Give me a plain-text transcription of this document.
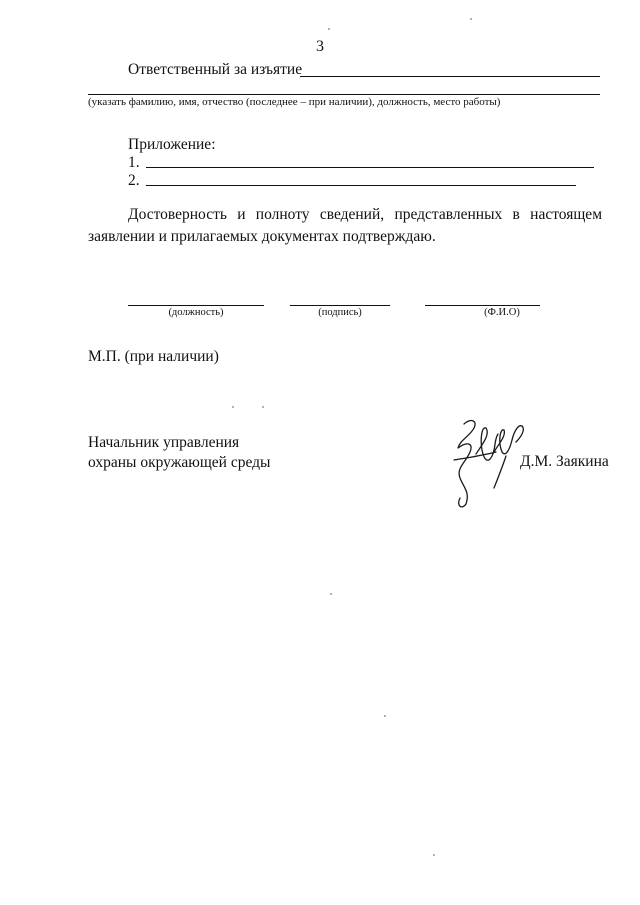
3
Ответственный за изъятие
(указать фамилию, имя, отчество (последнее – при наличии), должность, место работы)
Приложение:
1.
2.
Достоверность и полноту сведений, представленных в настоящем заявлении и прилагаемых документах подтверждаю.
(должность)	(подпись)	(Ф.И.О)
М.П. (при наличии)
Начальник управления
охраны окружающей среды	Д.М. Заякина
